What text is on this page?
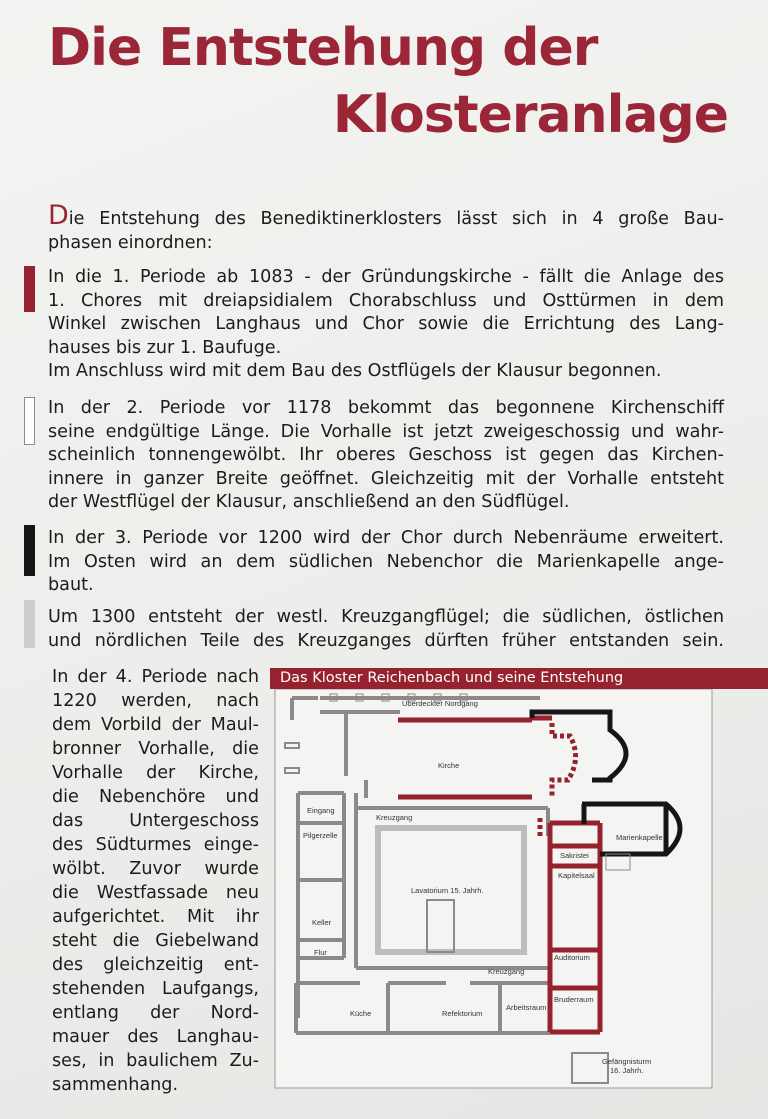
Die Entstehung der
Klosteranlage

Die Entstehung des Benediktinerklosters lässt sich in 4 große Bau-
phasen einordnen:

In die 1. Periode ab 1083 - der Gründungskirche - fällt die Anlage des
1. Chores mit dreiapsidialem Chorabschluss und Osttürmen in dem
Winkel zwischen Langhaus und Chor sowie die Errichtung des Lang-
hauses bis zur 1. Baufuge.
Im Anschluss wird mit dem Bau des Ostflügels der Klausur begonnen.

In der 2. Periode vor 1178 bekommt das begonnene Kirchenschiff
seine endgültige Länge. Die Vorhalle ist jetzt zweigeschossig und wahr-
scheinlich tonnengewölbt. Ihr oberes Geschoss ist gegen das Kirchen-
innere in ganzer Breite geöffnet. Gleichzeitig mit der Vorhalle entsteht
der Westflügel der Klausur, anschließend an den Südflügel.

In der 3. Periode vor 1200 wird der Chor durch Nebenräume erweitert.
Im Osten wird an dem südlichen Nebenchor die Marienkapelle ange-
baut.

Um 1300 entsteht der westl. Kreuzgangflügel; die südlichen, östlichen
und nördlichen Teile des Kreuzganges dürften früher entstanden sein.

In der 4. Periode nach
1220 werden, nach
dem Vorbild der Maul-
bronner Vorhalle, die
Vorhalle der Kirche,
die Nebenchöre und
das Untergeschoss
des Südturmes einge-
wölbt. Zuvor wurde
die Westfassade neu
aufgerichtet. Mit ihr
steht die Giebelwand
des gleichzeitig ent-
stehenden Laufgangs,
entlang der Nord-
mauer des Langhau-
ses, in baulichem Zu-
sammenhang.

Überdeckter Nordgang
Kirche
Eingang
Kreuzgang
Pilgerzelle
Sakristei
Marienkapelle
Kapitelsaal
Lavatorium 15. Jahrh.
Keller
Flur
Auditorium
Kreuzgang
Bruderraum
Küche	Refektorium
Arbeitsraum
Gefängnisturm
16. Jahrh.
Das Kloster Reichenbach und seine Entstehung
